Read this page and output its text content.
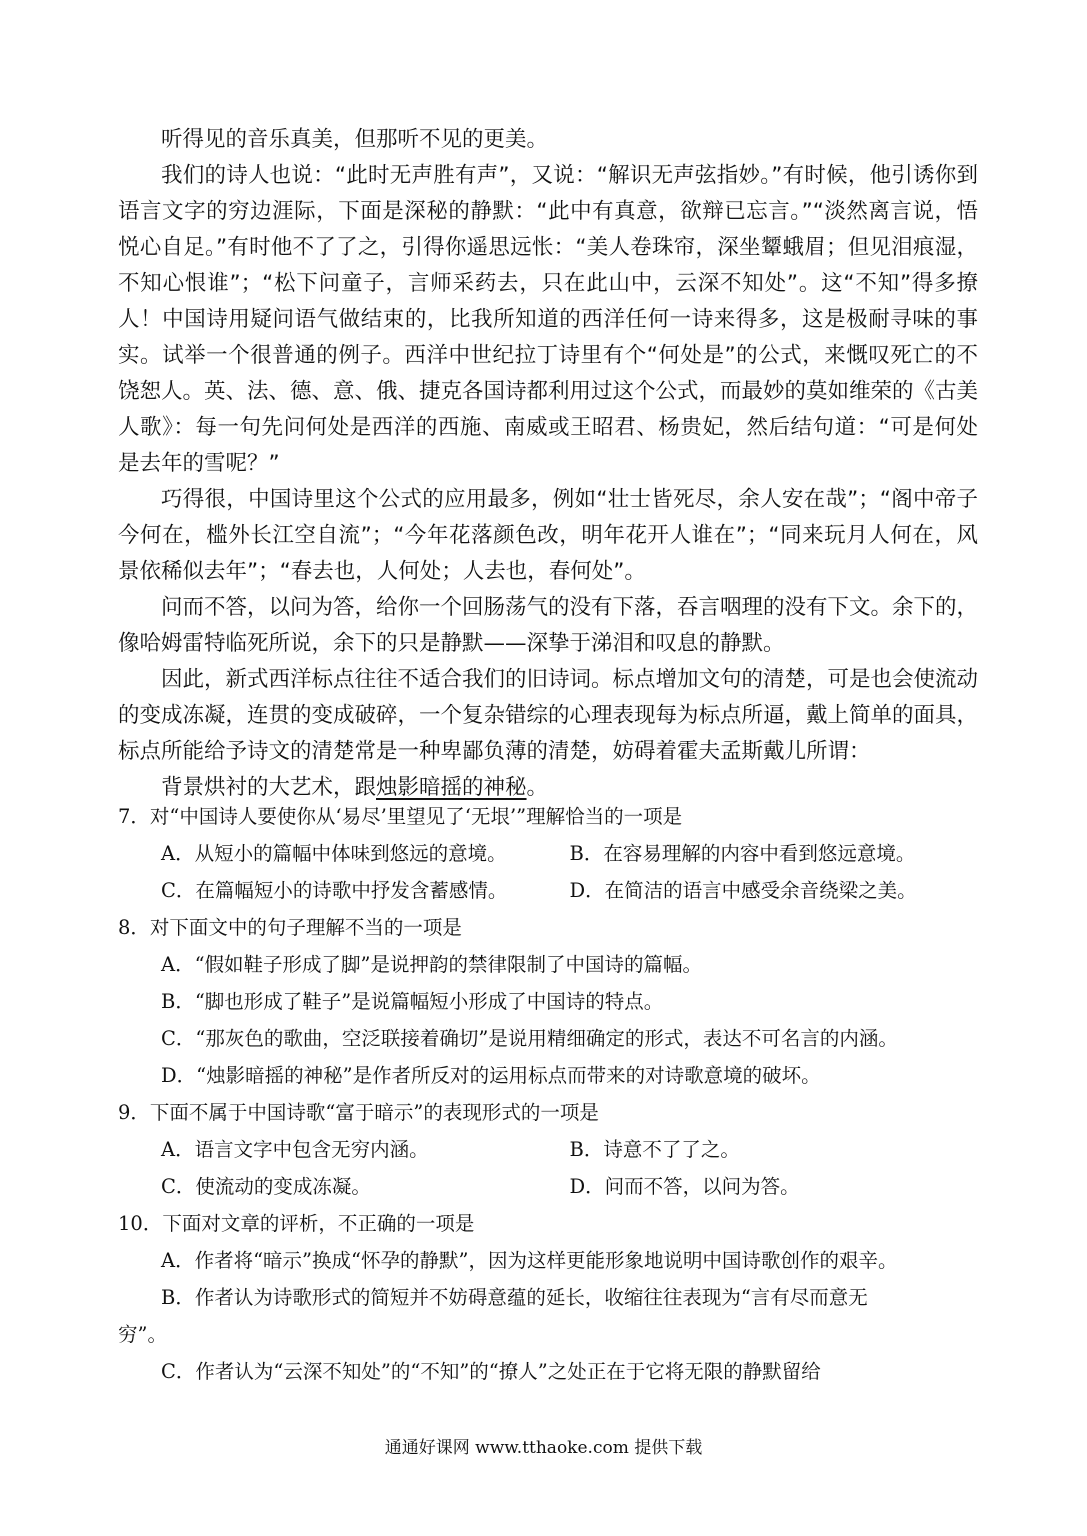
听得见的音乐真美，但那听不见的更美。

我们的诗人也说：“此时无声胜有声”，又说：“解识无声弦指妙。”有时候，他引诱你到语言文字的穷边涯际，下面是深秘的静默：“此中有真意，欲辩已忘言。”“淡然离言说，悟悦心自足。”有时他不了了之，引得你遥思远怅：“美人卷珠帘，深坐颦蛾眉；但见泪痕湿，不知心恨谁”；“松下问童子，言师采药去，只在此山中，云深不知处”。这“不知”得多撩人！中国诗用疑问语气做结束的，比我所知道的西洋任何一诗来得多，这是极耐寻味的事实。试举一个很普通的例子。西洋中世纪拉丁诗里有个“何处是”的公式，来慨叹死亡的不饶恕人。英、法、德、意、俄、捷克各国诗都利用过这个公式，而最妙的莫如维荣的《古美人歌》：每一句先问何处是西洋的西施、南威或王昭君、杨贵妃，然后结句道：“可是何处是去年的雪呢？”

巧得很，中国诗里这个公式的应用最多，例如“壮士皆死尽，余人安在哉”；“阁中帝子今何在，槛外长江空自流”；“今年花落颜色改，明年花开人谁在”；“同来玩月人何在，风景依稀似去年”；“春去也，人何处；人去也，春何处”。

问而不答，以问为答，给你一个回肠荡气的没有下落，吞言咽理的没有下文。余下的，像哈姆雷特临死所说，余下的只是静默——深挚于涕泪和叹息的静默。

因此，新式西洋标点往往不适合我们的旧诗词。标点增加文句的清楚，可是也会使流动的变成冻凝，连贯的变成破碎，一个复杂错综的心理表现每为标点所逼，戴上简单的面具，标点所能给予诗文的清楚常是一种卑鄙负薄的清楚，妨碍着霍夫孟斯戴儿所谓：

背景烘衬的大艺术，跟烛影暗摇的神秘。

7．对“中国诗人要使你从‘易尽’里望见了‘无垠’”理解恰当的一项是

A．从短小的篇幅中体味到悠远的意境。	B．在容易理解的内容中看到悠远意境。
C．在篇幅短小的诗歌中抒发含蓄感情。	D．在简洁的语言中感受余音绕梁之美。

8．对下面文中的句子理解不当的一项是

A．“假如鞋子形成了脚”是说押韵的禁律限制了中国诗的篇幅。

B．“脚也形成了鞋子”是说篇幅短小形成了中国诗的特点。

C．“那灰色的歌曲，空泛联接着确切”是说用精细确定的形式，表达不可名言的内涵。

D．“烛影暗摇的神秘”是作者所反对的运用标点而带来的对诗歌意境的破坏。

9．下面不属于中国诗歌“富于暗示”的表现形式的一项是

A．语言文字中包含无穷内涵。	B．诗意不了了之。
C．使流动的变成冻凝。	D．问而不答，以问为答。

10．下面对文章的评析，不正确的一项是

A．作者将“暗示”换成“怀孕的静默”，因为这样更能形象地说明中国诗歌创作的艰辛。

B．作者认为诗歌形式的简短并不妨碍意蕴的延长，收缩往往表现为“言有尽而意无

穷”。

C．作者认为“云深不知处”的“不知”的“撩人”之处正在于它将无限的静默留给

通通好课网 www.tthaoke.com 提供下载
